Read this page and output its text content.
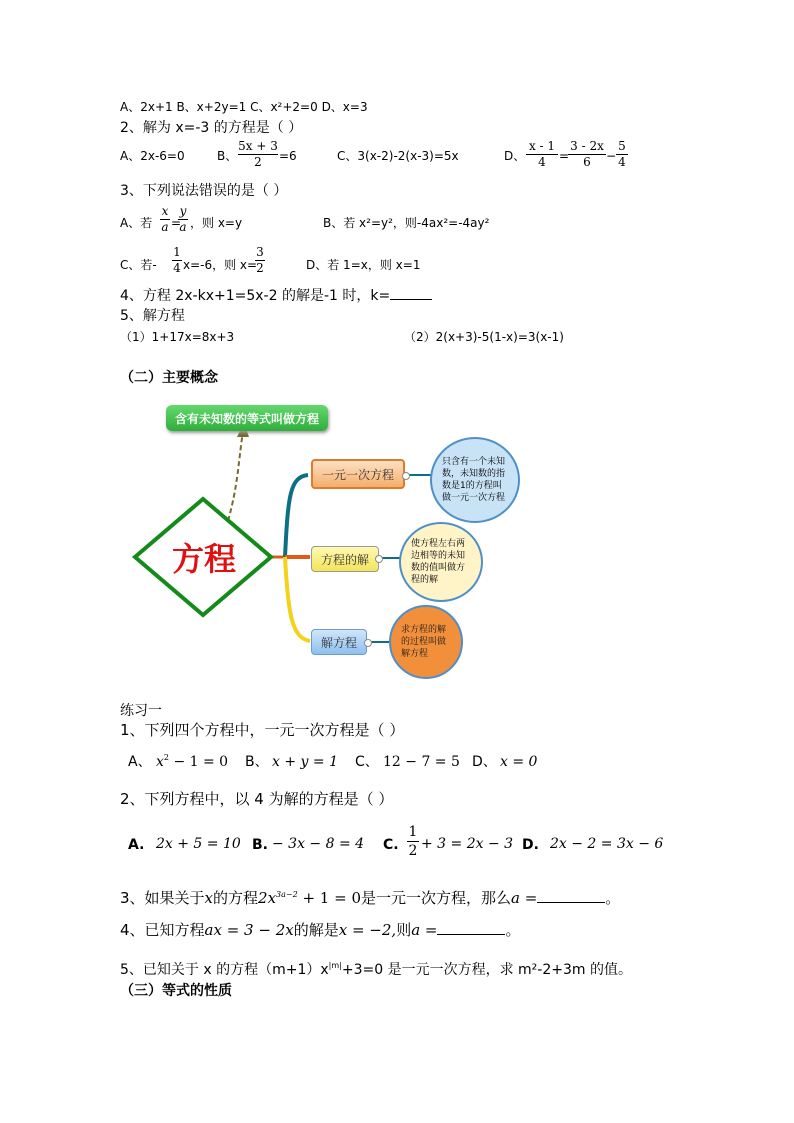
A、2x+1 B、x+2y=1 C、x²+2=0 D、x=3
2、解为 x=-3 的方程是（ ）
A、2x-6=0	B、
5x + 3
2	=6	C、3(x-2)-2(x-3)=5x	D、
x - 1
4	=
3 - 2x
6	−
5
4
3、下列说法错误的是（ ）
A、若
x
a =
y
a ，则 x=y	B、若 x²=y²，则-4ax²=-4ay²
C、若-
1
4 x=-6，则 x=
3
2	D、若 1=x，则 x=1
4、方程 2x-kx+1=5x-2 的解是-1 时，k=
5、解方程
（1）1+17x=8x+3	（2）2(x+3)-5(1-x)=3(x-1)
（二）主要概念
方程
含有未知数的等式叫做方程
一元一次方程
方程的解
解方程
只含有一个未知数，未知数的指数是1的方程叫做一元一次方程
使方程左右两边相等的未知数的值叫做方程的解
求方程的解的过程叫做解方程
练习一
1、下列四个方程中，一元一次方程是（ ）
A、 $x^2 - 1 = 0$ B、 x + y = 1 C、 12 − 7 = 5 D、 x = 0
2、下列方程中，以 4 为解的方程是（ ）
A. 2x + 5 = 10 B. − 3x − 8 = 4 C.
1
2 + 3 = 2x − 3 D. 2x − 2 = 3x − 6
3、如果关于x的方程$2x^{3a-2} + 1 = 0$是一元一次方程，那么a =	。
4、已知方程ax = 3 − 2x的解是x = −2,则a =	。
5、已知关于 x 的方程$(m+1)x^{|m|}+3=0$ 是一元一次方程，求 m²-2+3m 的值。
（三）等式的性质
